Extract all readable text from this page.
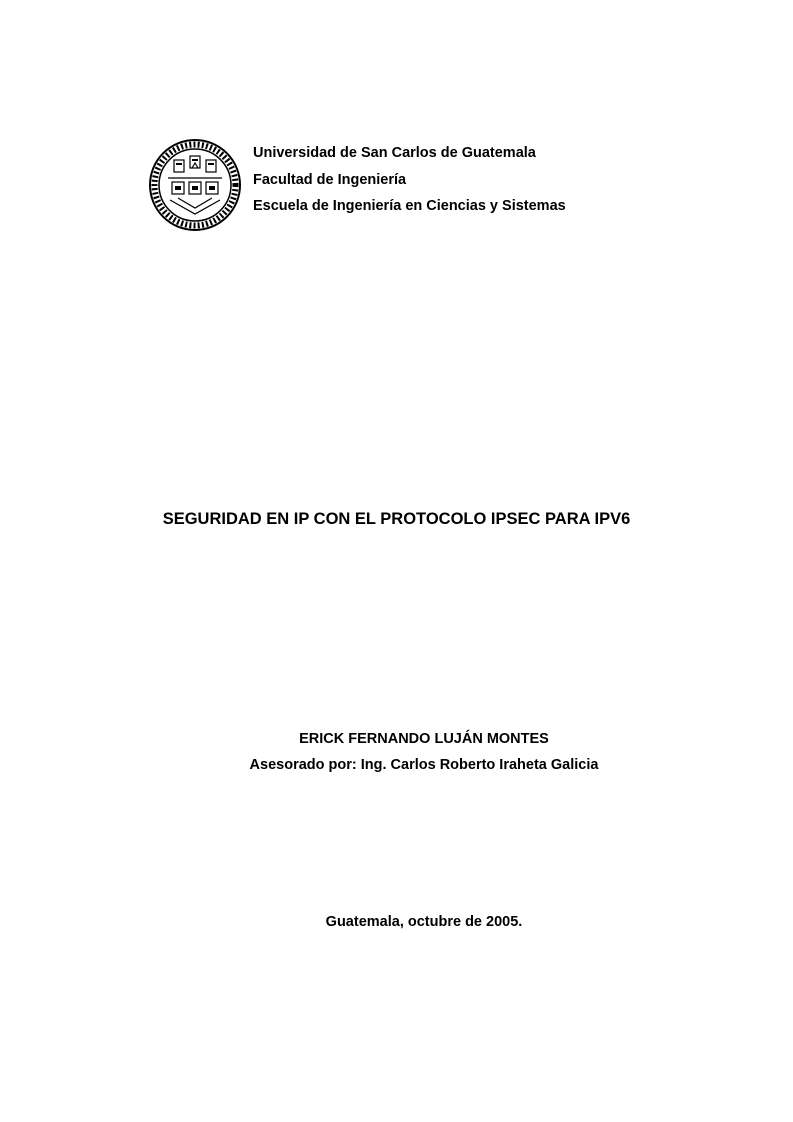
Universidad de San Carlos de Guatemala
Facultad de Ingeniería
Escuela de Ingeniería en Ciencias y Sistemas
SEGURIDAD EN IP CON EL PROTOCOLO IPSEC PARA IPV6
ERICK FERNANDO LUJÁN MONTES
Asesorado por: Ing. Carlos Roberto Iraheta Galicia
Guatemala, octubre de 2005.
